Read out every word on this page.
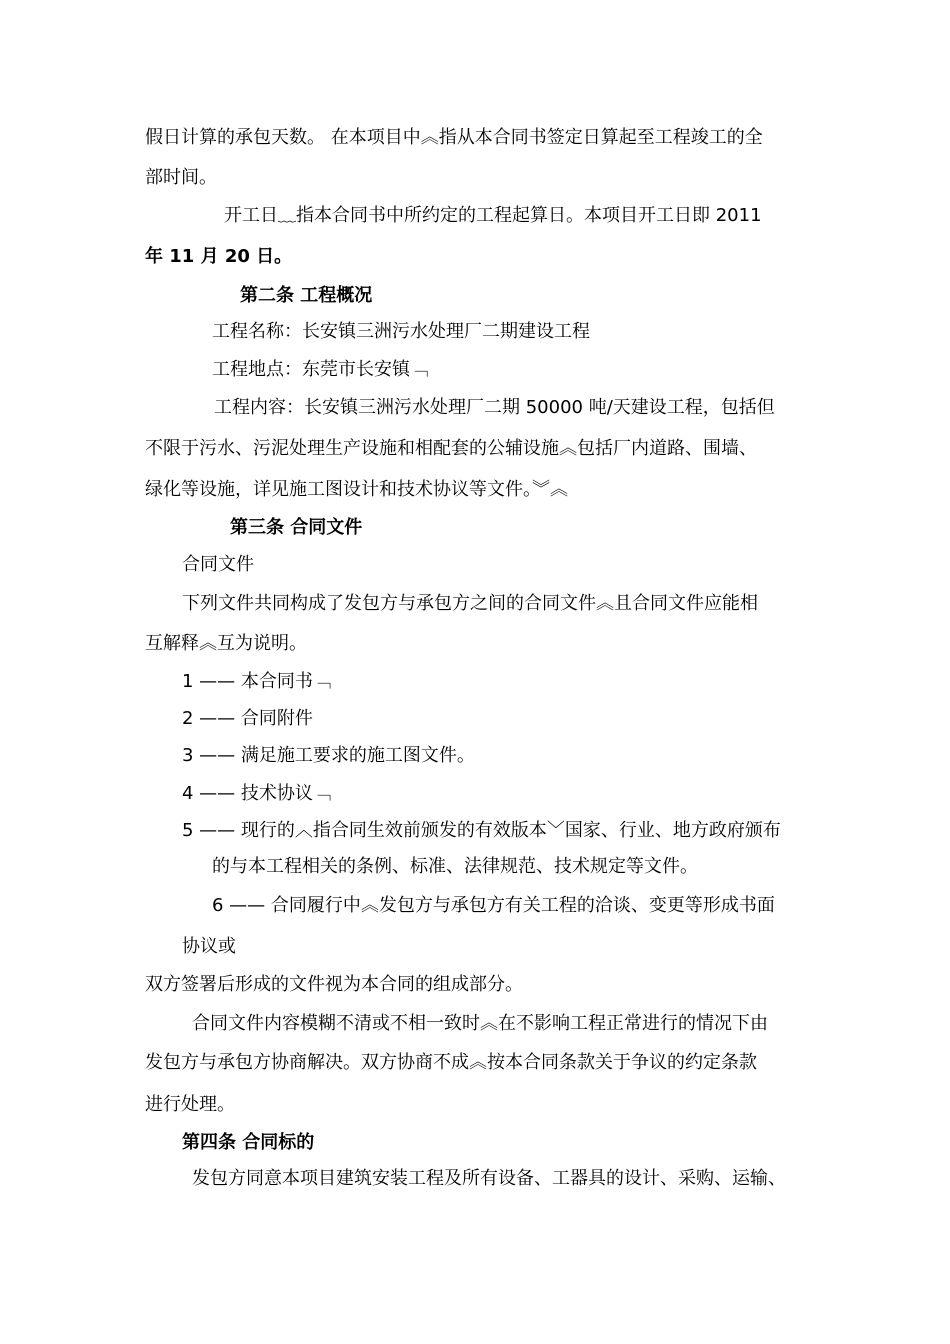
假日计算的承包天数。 在本项目中︽指从本合同书签定日算起至工程竣工的全
部时间。
开工日﹏指本合同书中所约定的工程起算日。本项目开工日即 2011
年 11 月 20 日。
第二条 工程概况
工程名称：长安镇三洲污水处理厂二期建设工程
工程地点：东莞市长安镇﹁
工程内容：长安镇三洲污水处理厂二期 50000 吨/天建设工程，包括但
不限于污水、污泥处理生产设施和相配套的公辅设施︽包括厂内道路、围墙、
绿化等设施，详见施工图设计和技术协议等文件。︾︽
第三条 合同文件
合同文件
下列文件共同构成了发包方与承包方之间的合同文件︽且合同文件应能相
互解释︽互为说明。
1 —— 本合同书﹁
2 —— 合同附件
3 —— 满足施工要求的施工图文件。
4 —— 技术协议﹁
5 —— 现行的︿指合同生效前颁发的有效版本﹀国家、行业、地方政府颁布
的与本工程相关的条例、标准、法律规范、技术规定等文件。
6 —— 合同履行中︽发包方与承包方有关工程的洽谈、变更等形成书面
协议或
双方签署后形成的文件视为本合同的组成部分。
合同文件内容模糊不清或不相一致时︽在不影响工程正常进行的情况下由
发包方与承包方协商解决。双方协商不成︽按本合同条款关于争议的约定条款
进行处理。
第四条 合同标的
发包方同意本项目建筑安装工程及所有设备、工器具的设计、采购、运输、
